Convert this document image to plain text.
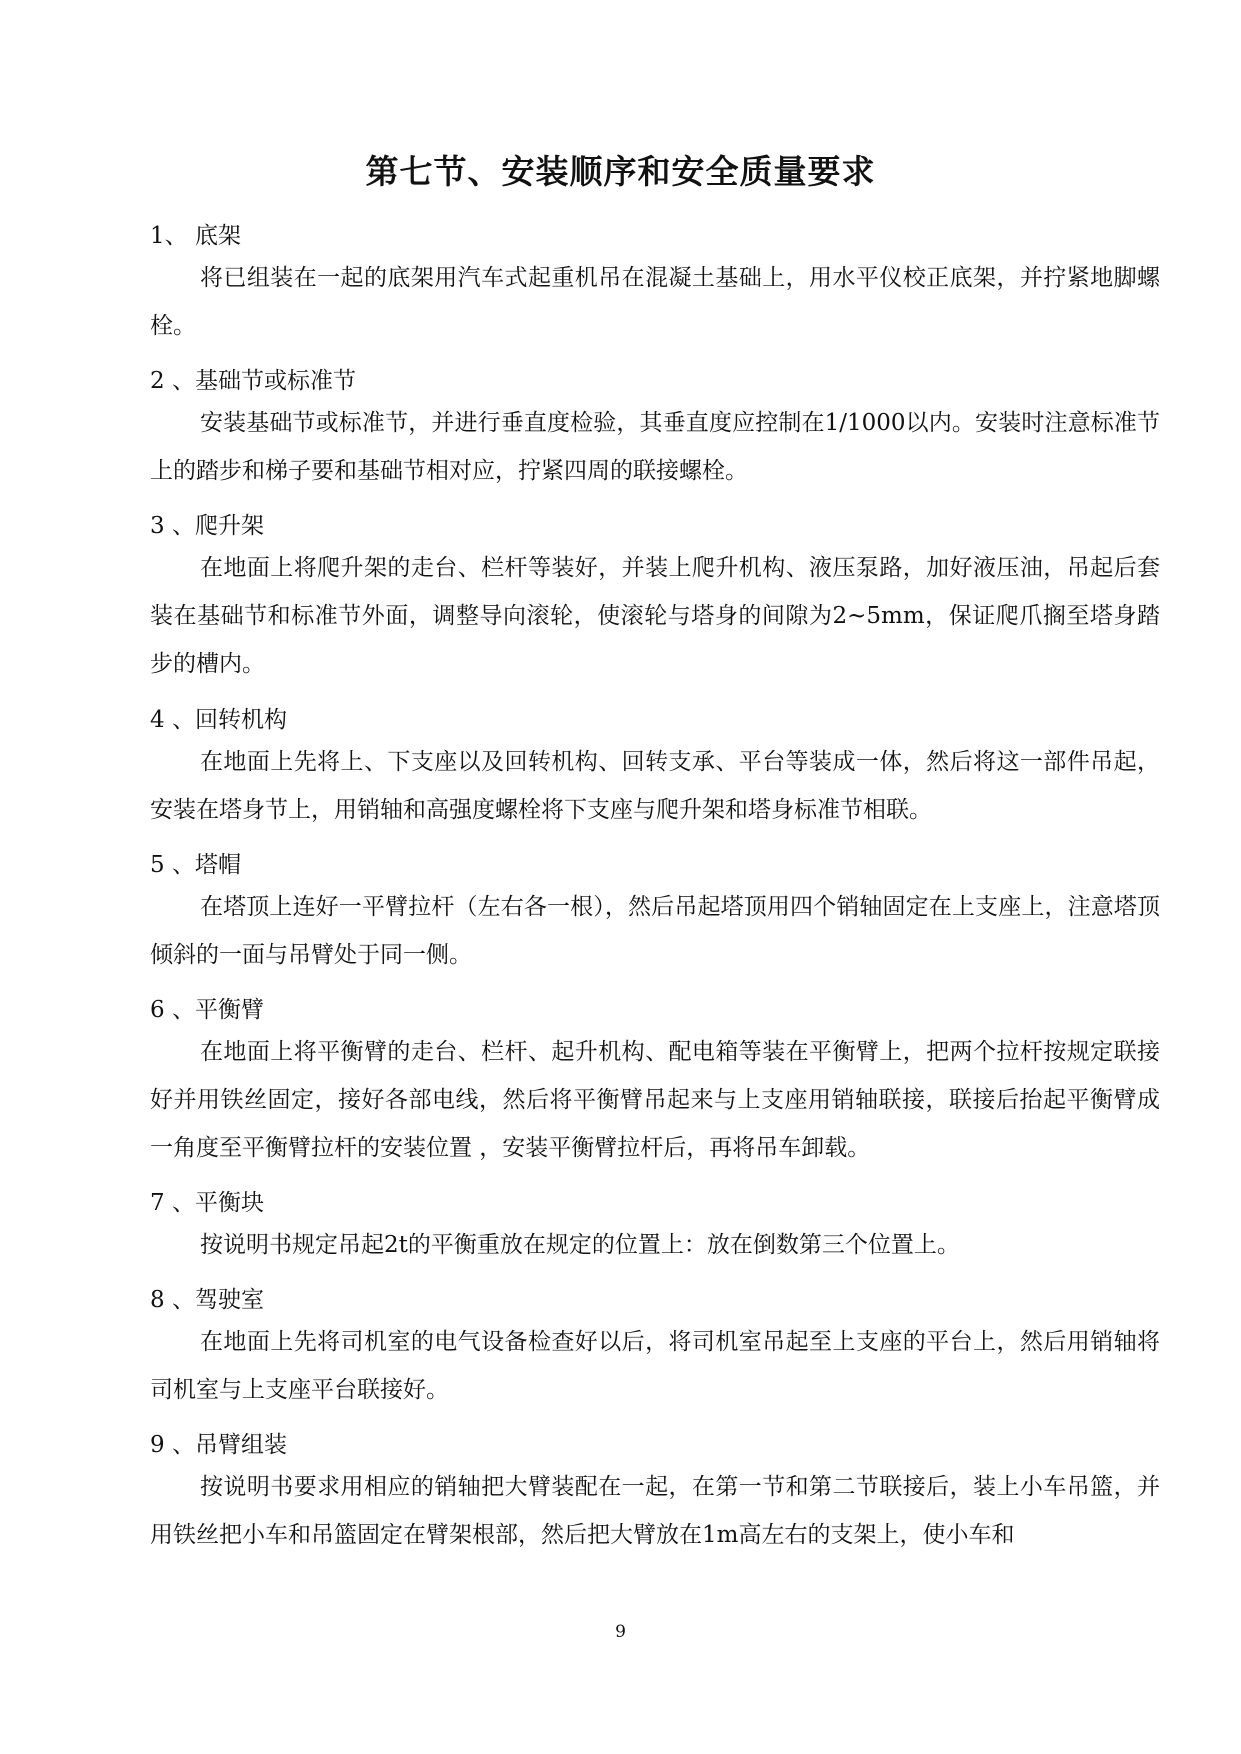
第七节、安装顺序和安全质量要求
1、 底架
将已组装在一起的底架用汽车式起重机吊在混凝土基础上，用水平仪校正底架，并拧紧地脚螺栓。
2 、基础节或标准节
安装基础节或标准节，并进行垂直度检验，其垂直度应控制在1/1000以内。安装时注意标准节上的踏步和梯子要和基础节相对应，拧紧四周的联接螺栓。
3 、爬升架
在地面上将爬升架的走台、栏杆等装好，并装上爬升机构、液压泵路，加好液压油，吊起后套装在基础节和标准节外面，调整导向滚轮，使滚轮与塔身的间隙为2~5mm，保证爬爪搁至塔身踏步的槽内。
4 、回转机构
在地面上先将上、下支座以及回转机构、回转支承、平台等装成一体，然后将这一部件吊起，安装在塔身节上，用销轴和高强度螺栓将下支座与爬升架和塔身标准节相联。
5 、塔帽
在塔顶上连好一平臂拉杆（左右各一根），然后吊起塔顶用四个销轴固定在上支座上，注意塔顶倾斜的一面与吊臂处于同一侧。
6 、平衡臂
在地面上将平衡臂的走台、栏杆、起升机构、配电箱等装在平衡臂上，把两个拉杆按规定联接好并用铁丝固定，接好各部电线，然后将平衡臂吊起来与上支座用销轴联接，联接后抬起平衡臂成一角度至平衡臂拉杆的安装位置 ，安装平衡臂拉杆后，再将吊车卸载。
7 、平衡块
按说明书规定吊起2t的平衡重放在规定的位置上：放在倒数第三个位置上。
8 、驾驶室
在地面上先将司机室的电气设备检查好以后，将司机室吊起至上支座的平台上，然后用销轴将司机室与上支座平台联接好。
9 、吊臂组装
按说明书要求用相应的销轴把大臂装配在一起，在第一节和第二节联接后，装上小车吊篮，并用铁丝把小车和吊篮固定在臂架根部，然后把大臂放在1m高左右的支架上，使小车和
9
